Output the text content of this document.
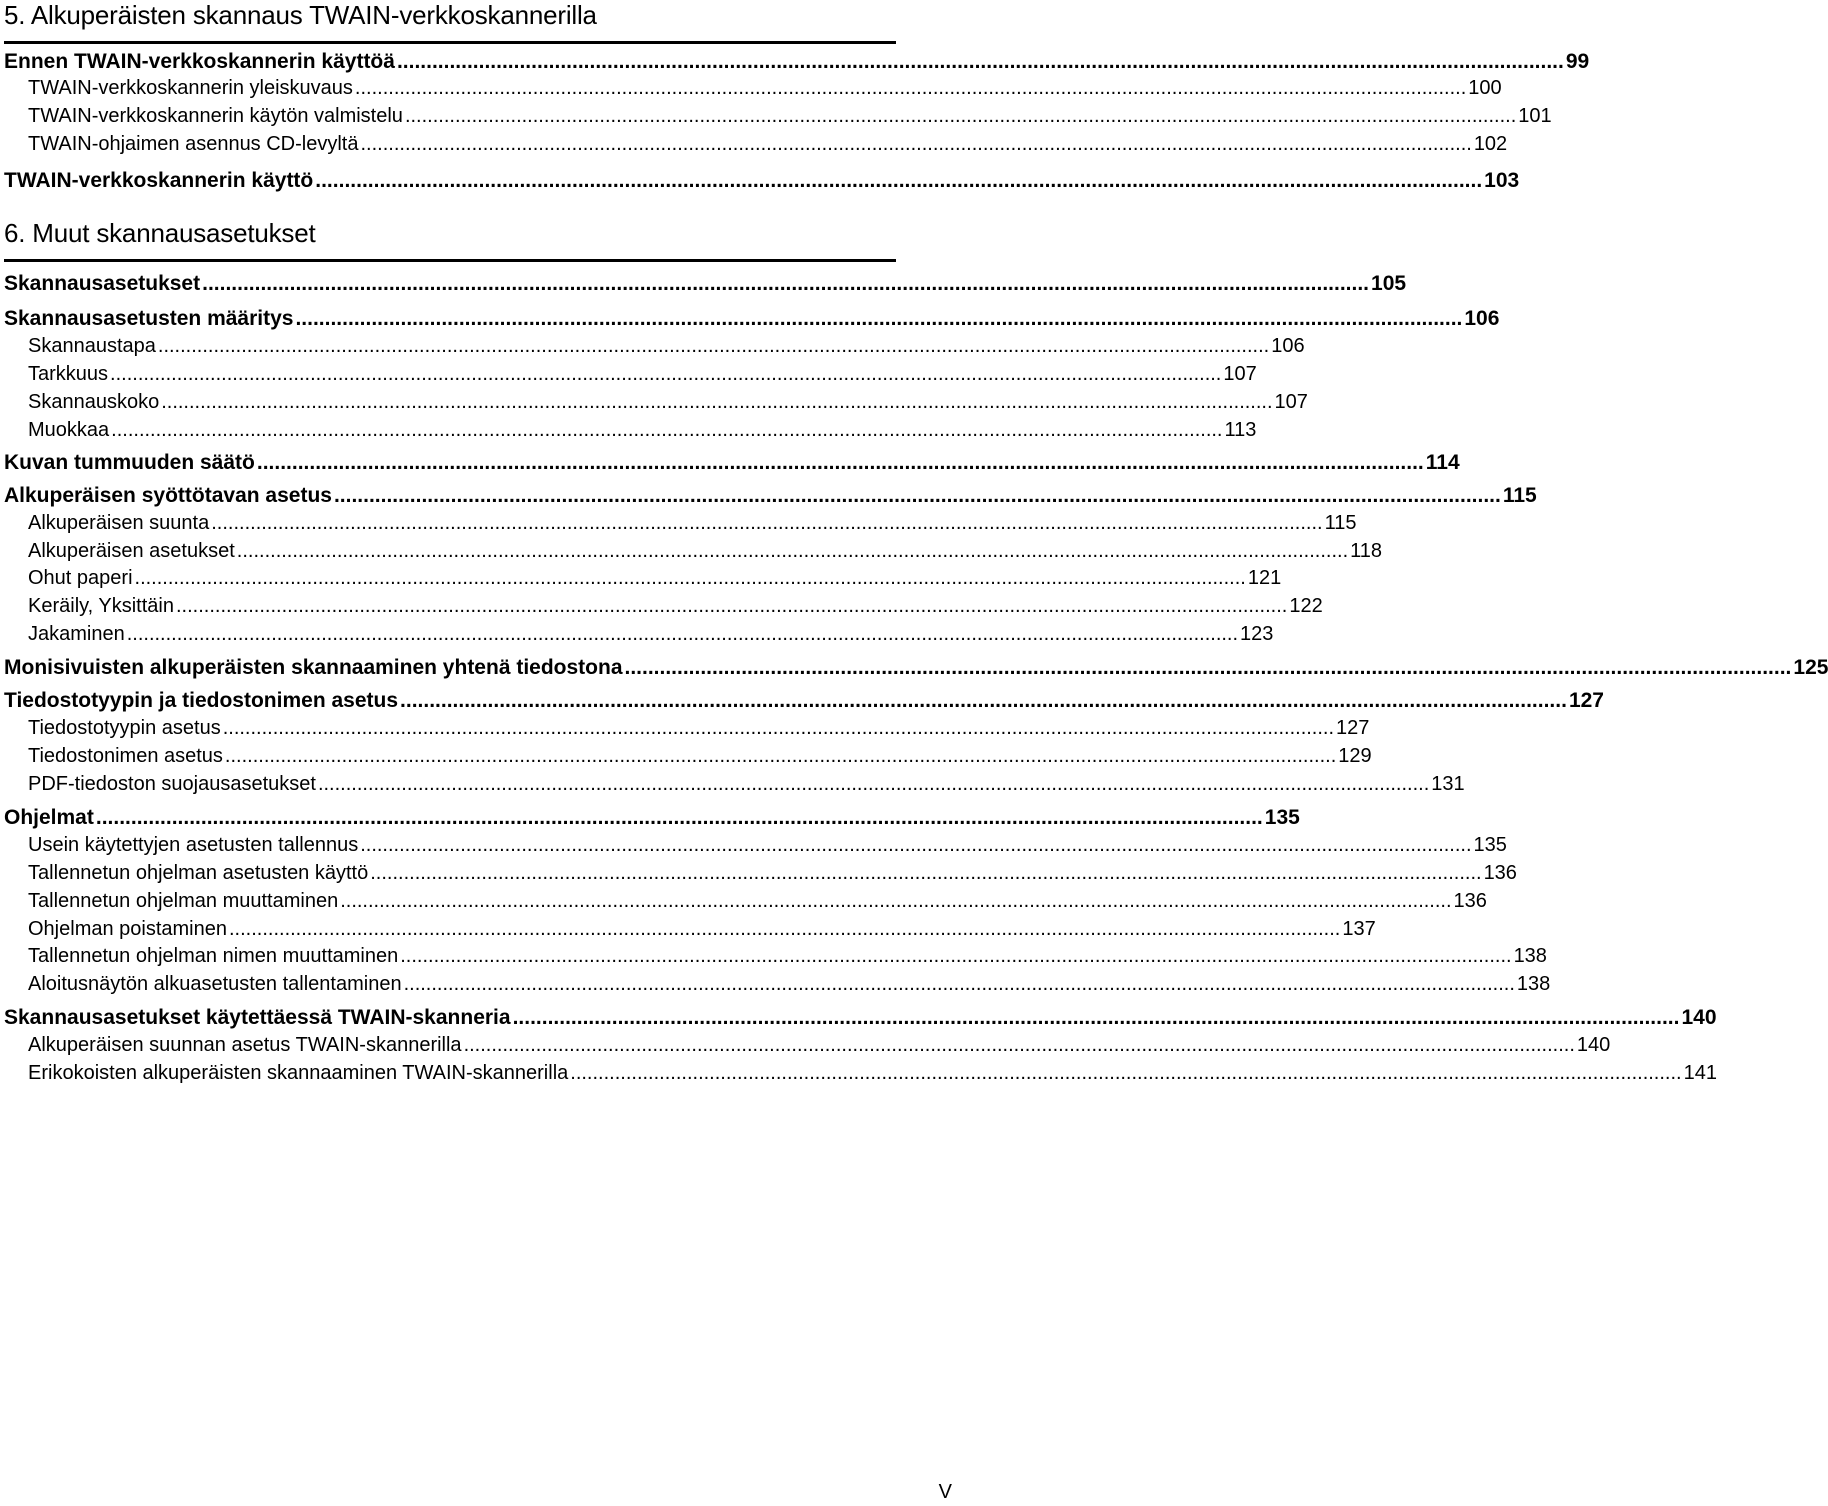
5. Alkuperäisten skannaus TWAIN-verkkoskannerilla
6. Muut skannausasetukset
Ennen TWAIN-verkkoskannerin käyttöä ........................................................................................................................................................................................................ 99
TWAIN-verkkoskannerin yleiskuvaus ........................................................................................................................................................................................................ 100
TWAIN-verkkoskannerin käytön valmistelu ........................................................................................................................................................................................................ 101
TWAIN-ohjaimen asennus CD-levyltä ........................................................................................................................................................................................................ 102
TWAIN-verkkoskannerin käyttö ........................................................................................................................................................................................................ 103
Skannausasetukset ........................................................................................................................................................................................................ 105
Skannausasetusten määritys ........................................................................................................................................................................................................ 106
Skannaustapa ........................................................................................................................................................................................................ 106
Tarkkuus ........................................................................................................................................................................................................ 107
Skannauskoko ........................................................................................................................................................................................................ 107
Muokkaa ........................................................................................................................................................................................................ 113
Kuvan tummuuden säätö ........................................................................................................................................................................................................ 114
Alkuperäisen syöttötavan asetus ........................................................................................................................................................................................................ 115
Alkuperäisen suunta ........................................................................................................................................................................................................ 115
Alkuperäisen asetukset ........................................................................................................................................................................................................ 118
Ohut paperi ........................................................................................................................................................................................................ 121
Keräily, Yksittäin ........................................................................................................................................................................................................ 122
Jakaminen ........................................................................................................................................................................................................ 123
Monisivuisten alkuperäisten skannaaminen yhtenä tiedostona ........................................................................................................................................................................................................ 125
Tiedostotyypin ja tiedostonimen asetus ........................................................................................................................................................................................................ 127
Tiedostotyypin asetus ........................................................................................................................................................................................................ 127
Tiedostonimen asetus ........................................................................................................................................................................................................ 129
PDF-tiedoston suojausasetukset ........................................................................................................................................................................................................ 131
Ohjelmat ........................................................................................................................................................................................................ 135
Usein käytettyjen asetusten tallennus ........................................................................................................................................................................................................ 135
Tallennetun ohjelman asetusten käyttö ........................................................................................................................................................................................................ 136
Tallennetun ohjelman muuttaminen ........................................................................................................................................................................................................ 136
Ohjelman poistaminen ........................................................................................................................................................................................................ 137
Tallennetun ohjelman nimen muuttaminen ........................................................................................................................................................................................................ 138
Aloitusnäytön alkuasetusten tallentaminen ........................................................................................................................................................................................................ 138
Skannausasetukset käytettäessä TWAIN-skanneria ........................................................................................................................................................................................................ 140
Alkuperäisen suunnan asetus TWAIN-skannerilla ........................................................................................................................................................................................................ 140
Erikokoisten alkuperäisten skannaaminen TWAIN-skannerilla ........................................................................................................................................................................................................ 141
V
